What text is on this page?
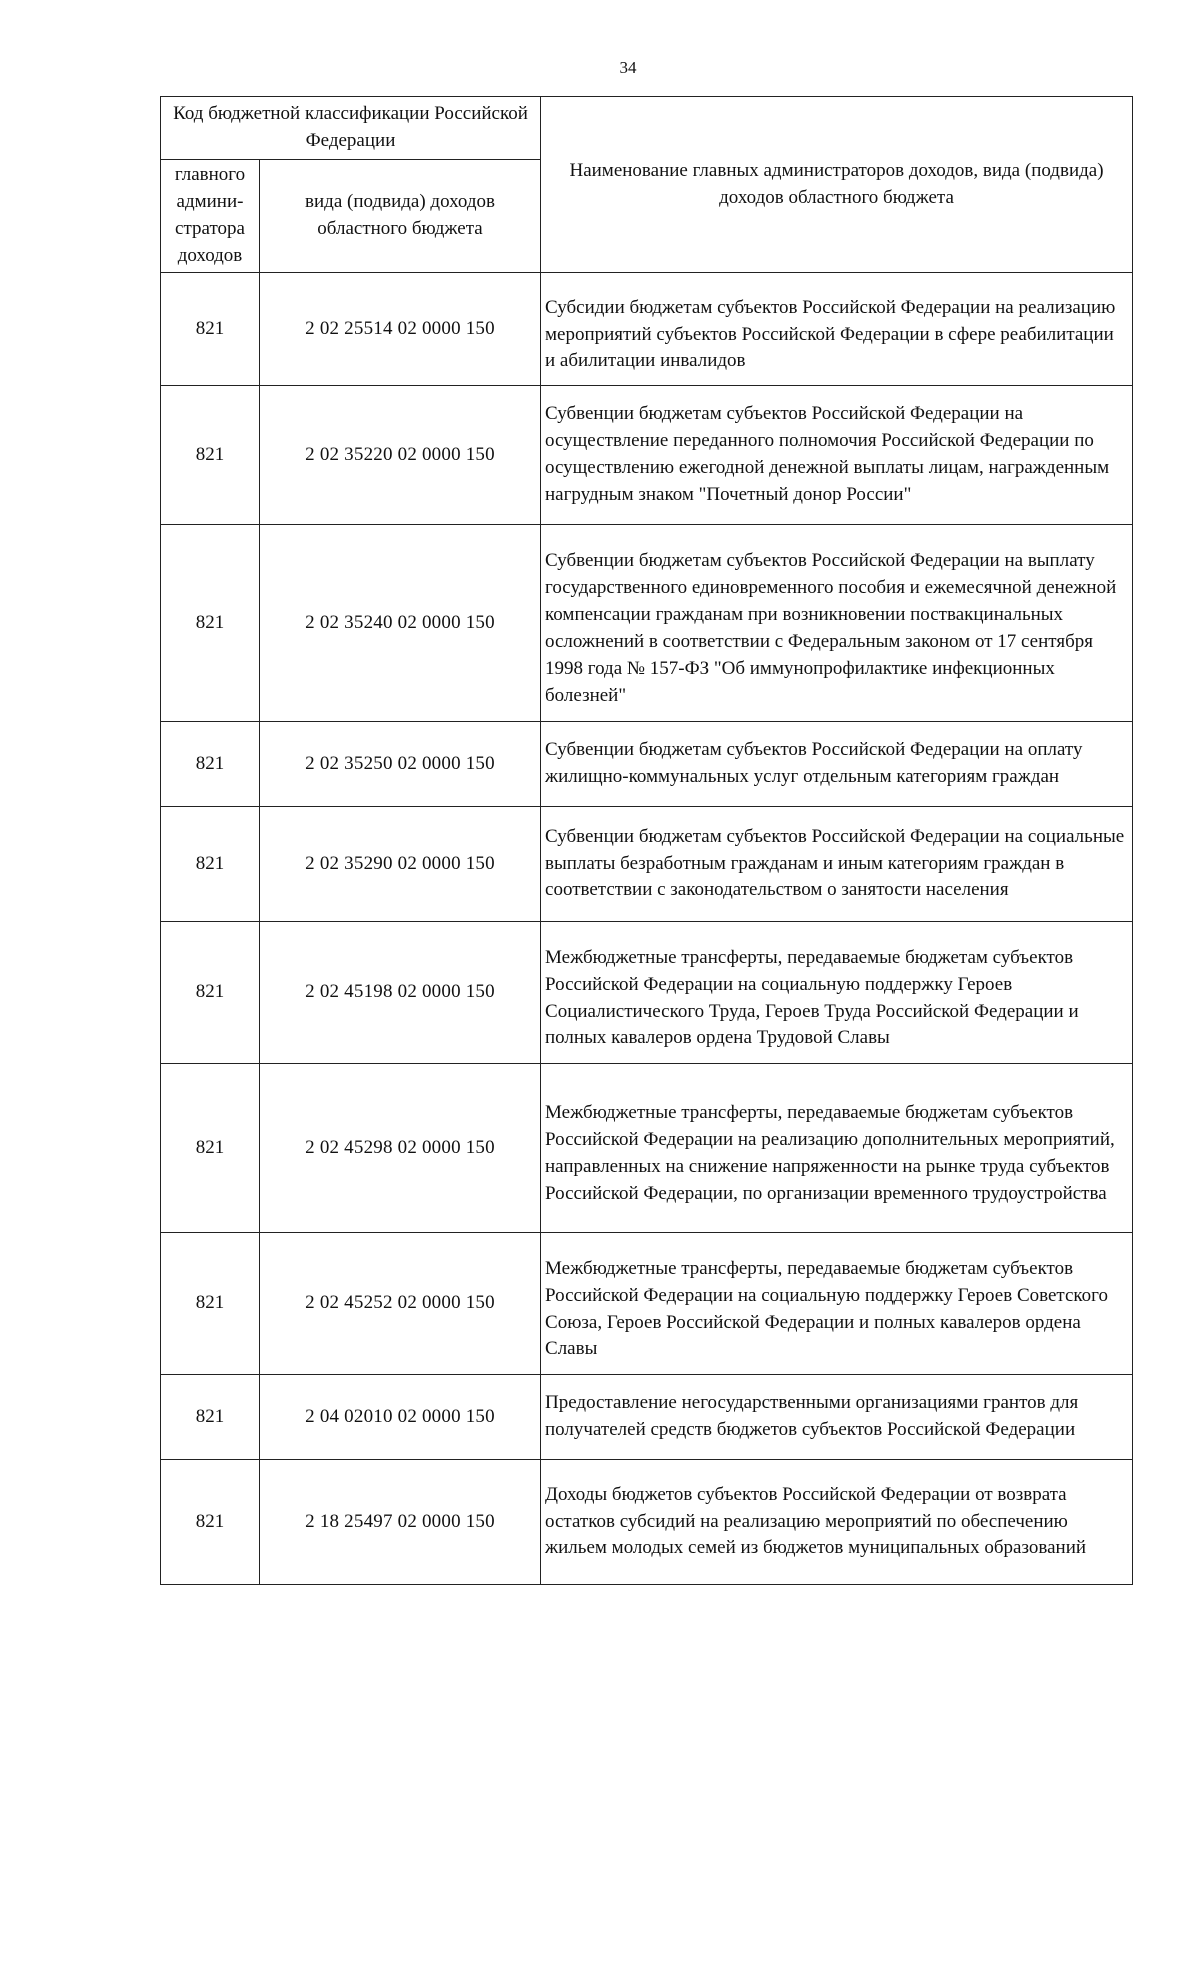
34
Код бюджетной классификации Российской Федерации		Наименование главных администраторов доходов, вида (подвида) доходов областного бюджета
главного
админи-
стратора
доходов	вида (подвида) доходов
областного бюджета	
821	2 02 25514 02 0000 150	Субсидии бюджетам субъектов Российской Федерации на реализацию мероприятий субъектов Российской Федерации в сфере реабилитации и абилитации инвалидов
821	2 02 35220 02 0000 150	Субвенции бюджетам субъектов Российской Федерации на осуществление переданного полномочия Российской Федерации по осуществлению ежегодной денежной выплаты лицам, награжденным нагрудным знаком "Почетный донор России"
821	2 02 35240 02 0000 150	Субвенции бюджетам субъектов Российской Федерации на выплату государственного единовременного пособия и ежемесячной денежной компенсации гражданам при возникновении поствакцинальных осложнений в соответствии с Федеральным законом от 17 сентября 1998 года № 157-ФЗ "Об иммунопрофилактике инфекционных болезней"
821	2 02 35250 02 0000 150	Субвенции бюджетам субъектов Российской Федерации на оплату жилищно-коммунальных услуг отдельным категориям граждан
821	2 02 35290 02 0000 150	Субвенции бюджетам субъектов Российской Федерации на социальные выплаты безработным гражданам и иным категориям граждан в соответствии с законодательством о занятости населения
821	2 02 45198 02 0000 150	Межбюджетные трансферты, передаваемые бюджетам субъектов Российской Федерации на социальную поддержку Героев Социалистического Труда, Героев Труда Российской Федерации и полных кавалеров ордена Трудовой Славы
821	2 02 45298 02 0000 150	Межбюджетные трансферты, передаваемые бюджетам субъектов Российской Федерации на реализацию дополнительных мероприятий, направленных на снижение напряженности на рынке труда субъектов Российской Федерации, по организации временного трудоустройства
821	2 02 45252 02 0000 150	Межбюджетные трансферты, передаваемые бюджетам субъектов Российской Федерации на социальную поддержку Героев Советского Союза, Героев Российской Федерации и полных кавалеров ордена Славы
821	2 04 02010 02 0000 150	Предоставление негосударственными организациями грантов для получателей средств бюджетов субъектов Российской Федерации
821	2 18 25497 02 0000 150	Доходы бюджетов субъектов Российской Федерации от возврата остатков субсидий на реализацию мероприятий по обеспечению жильем молодых семей из бюджетов муниципальных образований
